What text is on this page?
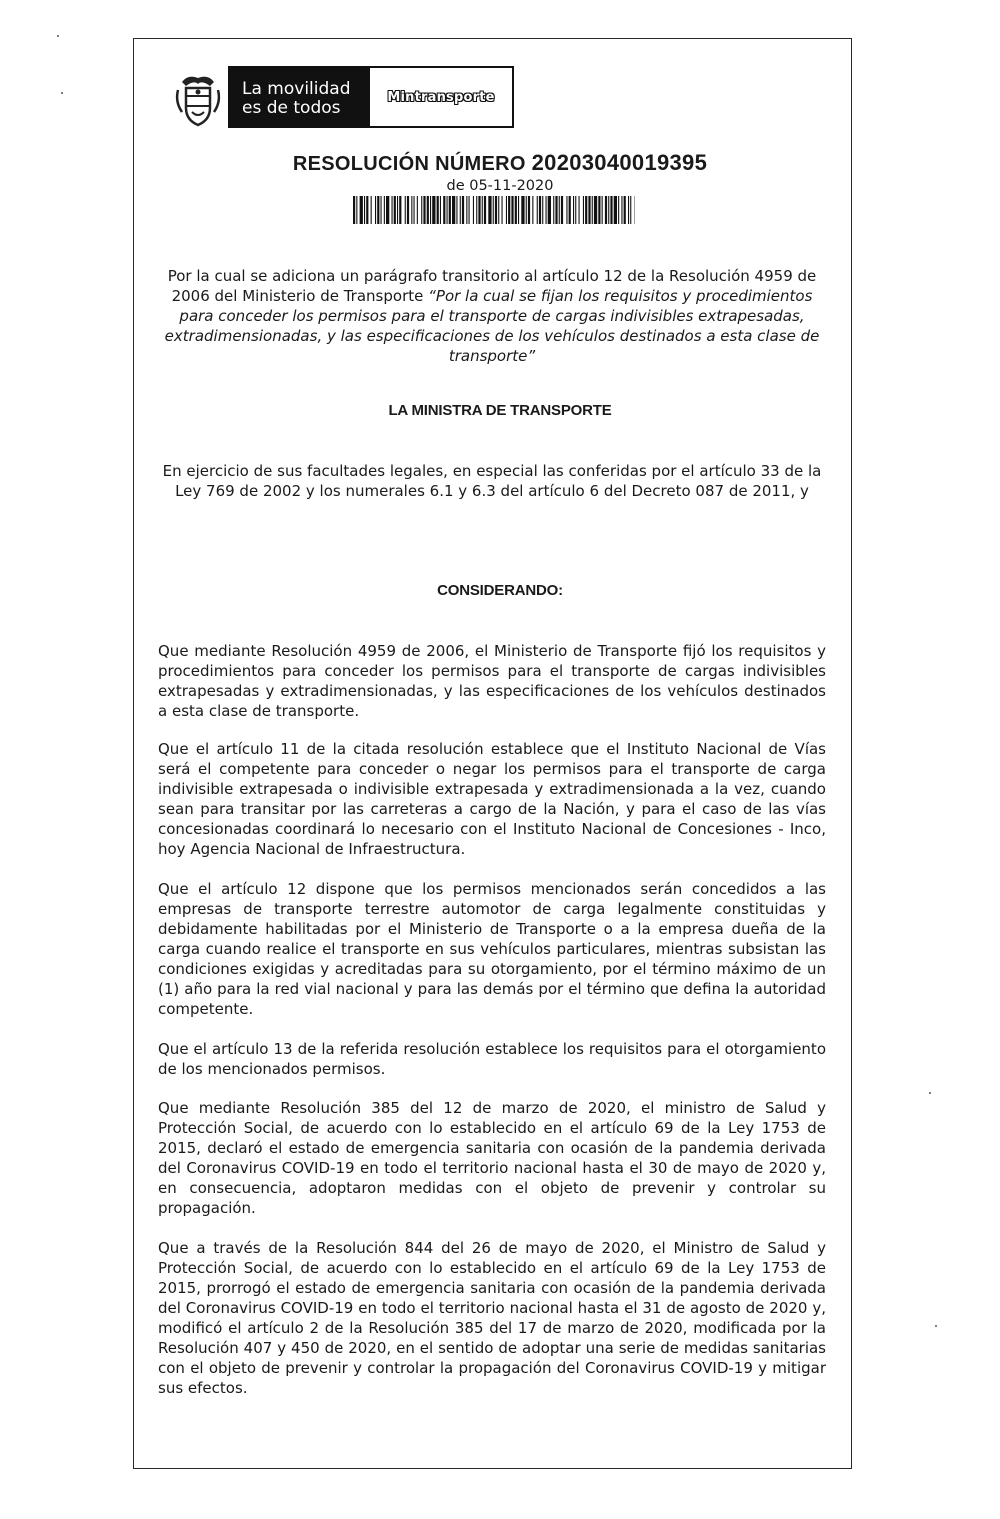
La movilidad
es de todos
Mintransporte
RESOLUCIÓN NÚMERO 20203040019395
de 05-11-2020

Por la cual se adiciona un parágrafo transitorio al artículo 12 de la Resolución 4959 de 2006 del Ministerio de Transporte “Por la cual se fijan los requisitos y procedimientos para conceder los permisos para el transporte de cargas indivisibles extrapesadas, extradimensionadas, y las especificaciones de los vehículos destinados a esta clase de transporte”

LA MINISTRA DE TRANSPORTE

En ejercicio de sus facultades legales, en especial las conferidas por el artículo 33 de la Ley 769 de 2002 y los numerales 6.1 y 6.3 del artículo 6 del Decreto 087 de 2011, y

CONSIDERANDO:

Que mediante Resolución 4959 de 2006, el Ministerio de Transporte fijó los requisitos y procedimientos para conceder los permisos para el transporte de cargas indivisibles extrapesadas y extradimensionadas, y las especificaciones de los vehículos destinados a esta clase de transporte.

Que el artículo 11 de la citada resolución establece que el Instituto Nacional de Vías será el competente para conceder o negar los permisos para el transporte de carga indivisible extrapesada o indivisible extrapesada y extradimensionada a la vez, cuando sean para transitar por las carreteras a cargo de la Nación, y para el caso de las vías concesionadas coordinará lo necesario con el Instituto Nacional de Concesiones - Inco, hoy Agencia Nacional de Infraestructura.

Que el artículo 12 dispone que los permisos mencionados serán concedidos a las empresas de transporte terrestre automotor de carga legalmente constituidas y debidamente habilitadas por el Ministerio de Transporte o a la empresa dueña de la carga cuando realice el transporte en sus vehículos particulares, mientras subsistan las condiciones exigidas y acreditadas para su otorgamiento, por el término máximo de un (1) año para la red vial nacional y para las demás por el término que defina la autoridad competente.

Que el artículo 13 de la referida resolución establece los requisitos para el otorgamiento de los mencionados permisos.

Que mediante Resolución 385 del 12 de marzo de 2020, el ministro de Salud y Protección Social, de acuerdo con lo establecido en el artículo 69 de la Ley 1753 de 2015, declaró el estado de emergencia sanitaria con ocasión de la pandemia derivada del Coronavirus COVID-19 en todo el territorio nacional hasta el 30 de mayo de 2020 y, en consecuencia, adoptaron medidas con el objeto de prevenir y controlar su propagación.

Que a través de la Resolución 844 del 26 de mayo de 2020, el Ministro de Salud y Protección Social, de acuerdo con lo establecido en el artículo 69 de la Ley 1753 de 2015, prorrogó el estado de emergencia sanitaria con ocasión de la pandemia derivada del Coronavirus COVID-19 en todo el territorio nacional hasta el 31 de agosto de 2020 y, modificó el artículo 2 de la Resolución 385 del 17 de marzo de 2020, modificada por la Resolución 407 y 450 de 2020, en el sentido de adoptar una serie de medidas sanitarias con el objeto de prevenir y controlar la propagación del Coronavirus COVID-19 y mitigar sus efectos.
